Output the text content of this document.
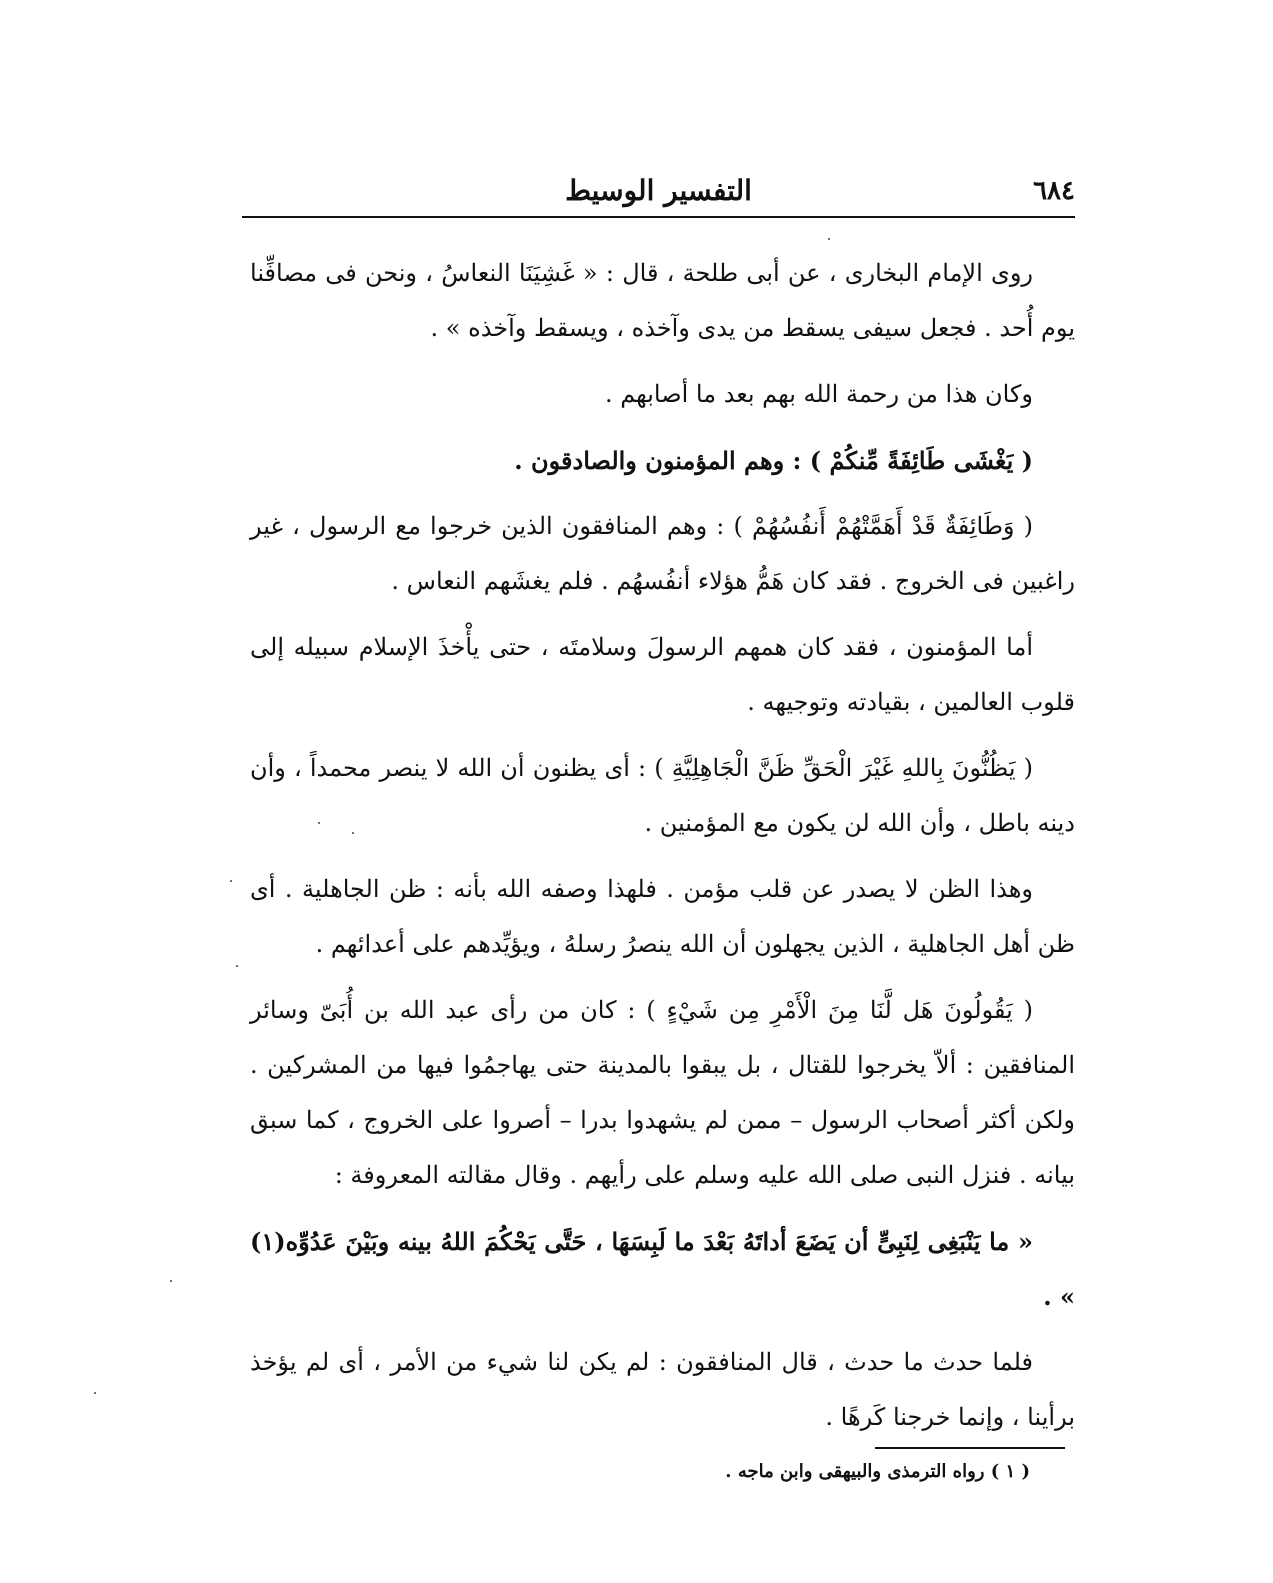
٦٨٤
التفسير الوسيط

روى الإمام البخارى ، عن أبى طلحة ، قال : « غَشِيَنَا النعاسُ ، ونحن فى مصافِّنا يوم أُحد . فجعل سيفى يسقط من يدى وآخذه ، ويسقط وآخذه » .

وكان هذا من رحمة الله بهم بعد ما أصابهم .

( يَغْشَى طَائِفَةً مِّنكُمْ ) : وهم المؤمنون والصادقون .

( وَطَائِفَةٌ قَدْ أَهَمَّتْهُمْ أَنفُسُهُمْ ) : وهم المنافقون الذين خرجوا مع الرسول ، غير راغبين فى الخروج . فقد كان هَمُّ هؤلاء أنفُسهُم . فلم يغشَهم النعاس .

أما المؤمنون ، فقد كان همهم الرسولَ وسلامتَه ، حتى يأْخذَ الإسلام سبيله إلى قلوب العالمين ، بقيادته وتوجيهه .

( يَظُنُّونَ بِاللهِ غَيْرَ الْحَقِّ ظَنَّ الْجَاهِلِيَّةِ ) : أى يظنون أن الله لا ينصر محمداً ، وأن دينه باطل ، وأن الله لن يكون مع المؤمنين .

وهذا الظن لا يصدر عن قلب مؤمن . فلهذا وصفه الله بأنه : ظن الجاهلية . أى ظن أهل الجاهلية ، الذين يجهلون أن الله ينصرُ رسلهُ ، ويؤيِّدهم على أعدائهم .

( يَقُولُونَ هَل لَّنَا مِنَ الْأَمْرِ مِن شَيْءٍ ) : كان من رأى عبد الله بن أُبَىّ وسائر المنافقين : ألاّ يخرجوا للقتال ، بل يبقوا بالمدينة حتى يهاجمُوا فيها من المشركين . ولكن أكثر أصحاب الرسول – ممن لم يشهدوا بدرا – أصروا على الخروج ، كما سبق بيانه . فنزل النبى صلى الله عليه وسلم على رأيهم . وقال مقالته المعروفة :

« ما يَنْبَغِى لِنَبِىٍّ أن يَضَعَ أداتَهُ بَعْدَ ما لَبِسَهَا ، حَتَّى يَحْكُمَ اللهُ بينه وبَيْنَ عَدُوِّه(١) » .

فلما حدث ما حدث ، قال المنافقون : لم يكن لنا شيء من الأمر ، أى لم يؤخذ برأينا ، وإنما خرجنا كَرهًا .

( ١ ) رواه الترمذى والبيهقى وابن ماجه .
